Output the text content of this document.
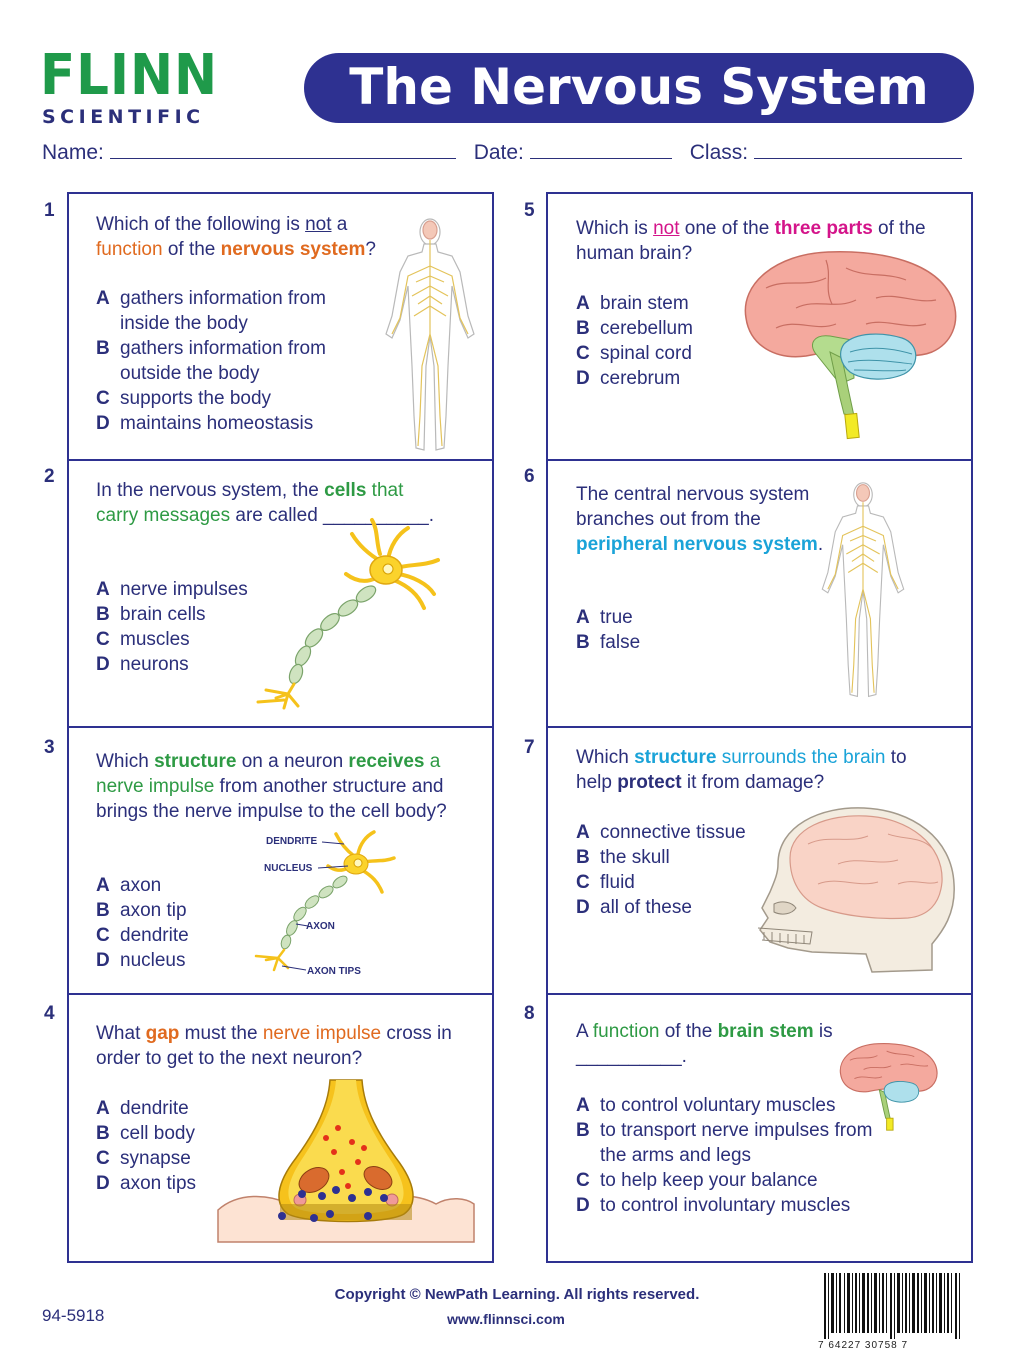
FLINN
SCIENTIFIC
The Nervous System
Name:	Date:	Class:
1
2
3
4
5
6
7
8
Which of the following is not a function of the nervous system?
A gathers information from inside the body
B gathers information from outside the body
C supports the body
D maintains homeostasis
In the nervous system, the cells that carry messages are called __________.
A nerve impulses
B brain cells
C muscles
D neurons
Which structure on a neuron receives a nerve impulse from another structure and brings the nerve impulse to the cell body?
A axon
B axon tip
C dendrite
D nucleus
DENDRITE
NUCLEUS
AXON
AXON TIPS
What gap must the nerve impulse cross in order to get to the next neuron?
A dendrite
B cell body
C synapse
D axon tips
Which is not one of the three parts of the human brain?
A brain stem
B cerebellum
C spinal cord
D cerebrum
The central nervous system branches out from the peripheral nervous system.
A true
B false
Which structure surrounds the brain to help protect it from damage?
A connective tissue
B the skull
C fluid
D all of these
A function of the brain stem is __________.
A to control voluntary muscles
B to transport nerve impulses from the arms and legs
C to help keep your balance
D to control involuntary muscles
Copyright © NewPath Learning. All rights reserved.
www.flinnsci.com
94-5918
7 64227 30758 7
